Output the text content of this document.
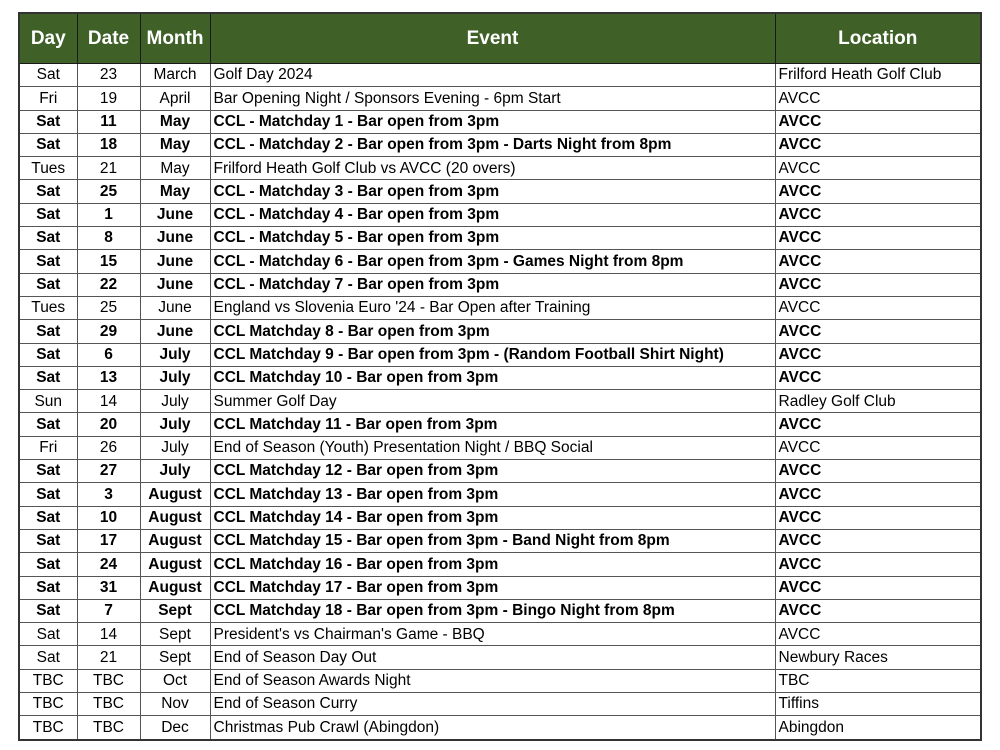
Day	Date	Month	Event	Location
Sat	23	March	Golf Day 2024	Frilford Heath Golf Club
Fri	19	April	Bar Opening Night / Sponsors Evening - 6pm Start	AVCC
Sat	11	May	CCL - Matchday 1 - Bar open from 3pm	AVCC
Sat	18	May	CCL - Matchday 2 - Bar open from 3pm - Darts Night from 8pm	AVCC
Tues	21	May	Frilford Heath Golf Club vs AVCC (20 overs)	AVCC
Sat	25	May	CCL - Matchday 3 - Bar open from 3pm	AVCC
Sat	1	June	CCL - Matchday 4 - Bar open from 3pm	AVCC
Sat	8	June	CCL - Matchday 5 - Bar open from 3pm	AVCC
Sat	15	June	CCL - Matchday 6 - Bar open from 3pm - Games Night from 8pm	AVCC
Sat	22	June	CCL - Matchday 7 - Bar open from 3pm	AVCC
Tues	25	June	England vs Slovenia Euro '24 - Bar Open after Training	AVCC
Sat	29	June	CCL Matchday 8 - Bar open from 3pm	AVCC
Sat	6	July	CCL Matchday 9 - Bar open from 3pm - (Random Football Shirt Night)	AVCC
Sat	13	July	CCL Matchday 10 - Bar open from 3pm	AVCC
Sun	14	July	Summer Golf Day	Radley Golf Club
Sat	20	July	CCL Matchday 11 - Bar open from 3pm	AVCC
Fri	26	July	End of Season (Youth) Presentation Night / BBQ Social	AVCC
Sat	27	July	CCL Matchday 12 - Bar open from 3pm	AVCC
Sat	3	August	CCL Matchday 13 - Bar open from 3pm	AVCC
Sat	10	August	CCL Matchday 14 - Bar open from 3pm	AVCC
Sat	17	August	CCL Matchday 15 - Bar open from 3pm - Band Night from 8pm	AVCC
Sat	24	August	CCL Matchday 16 - Bar open from 3pm	AVCC
Sat	31	August	CCL Matchday 17 - Bar open from 3pm	AVCC
Sat	7	Sept	CCL Matchday 18 - Bar open from 3pm - Bingo Night from 8pm	AVCC
Sat	14	Sept	President's vs Chairman's Game - BBQ	AVCC
Sat	21	Sept	End of Season Day Out	Newbury Races
TBC	TBC	Oct	End of Season Awards Night	TBC
TBC	TBC	Nov	End of Season Curry	Tiffins
TBC	TBC	Dec	Christmas Pub Crawl (Abingdon)	Abingdon
